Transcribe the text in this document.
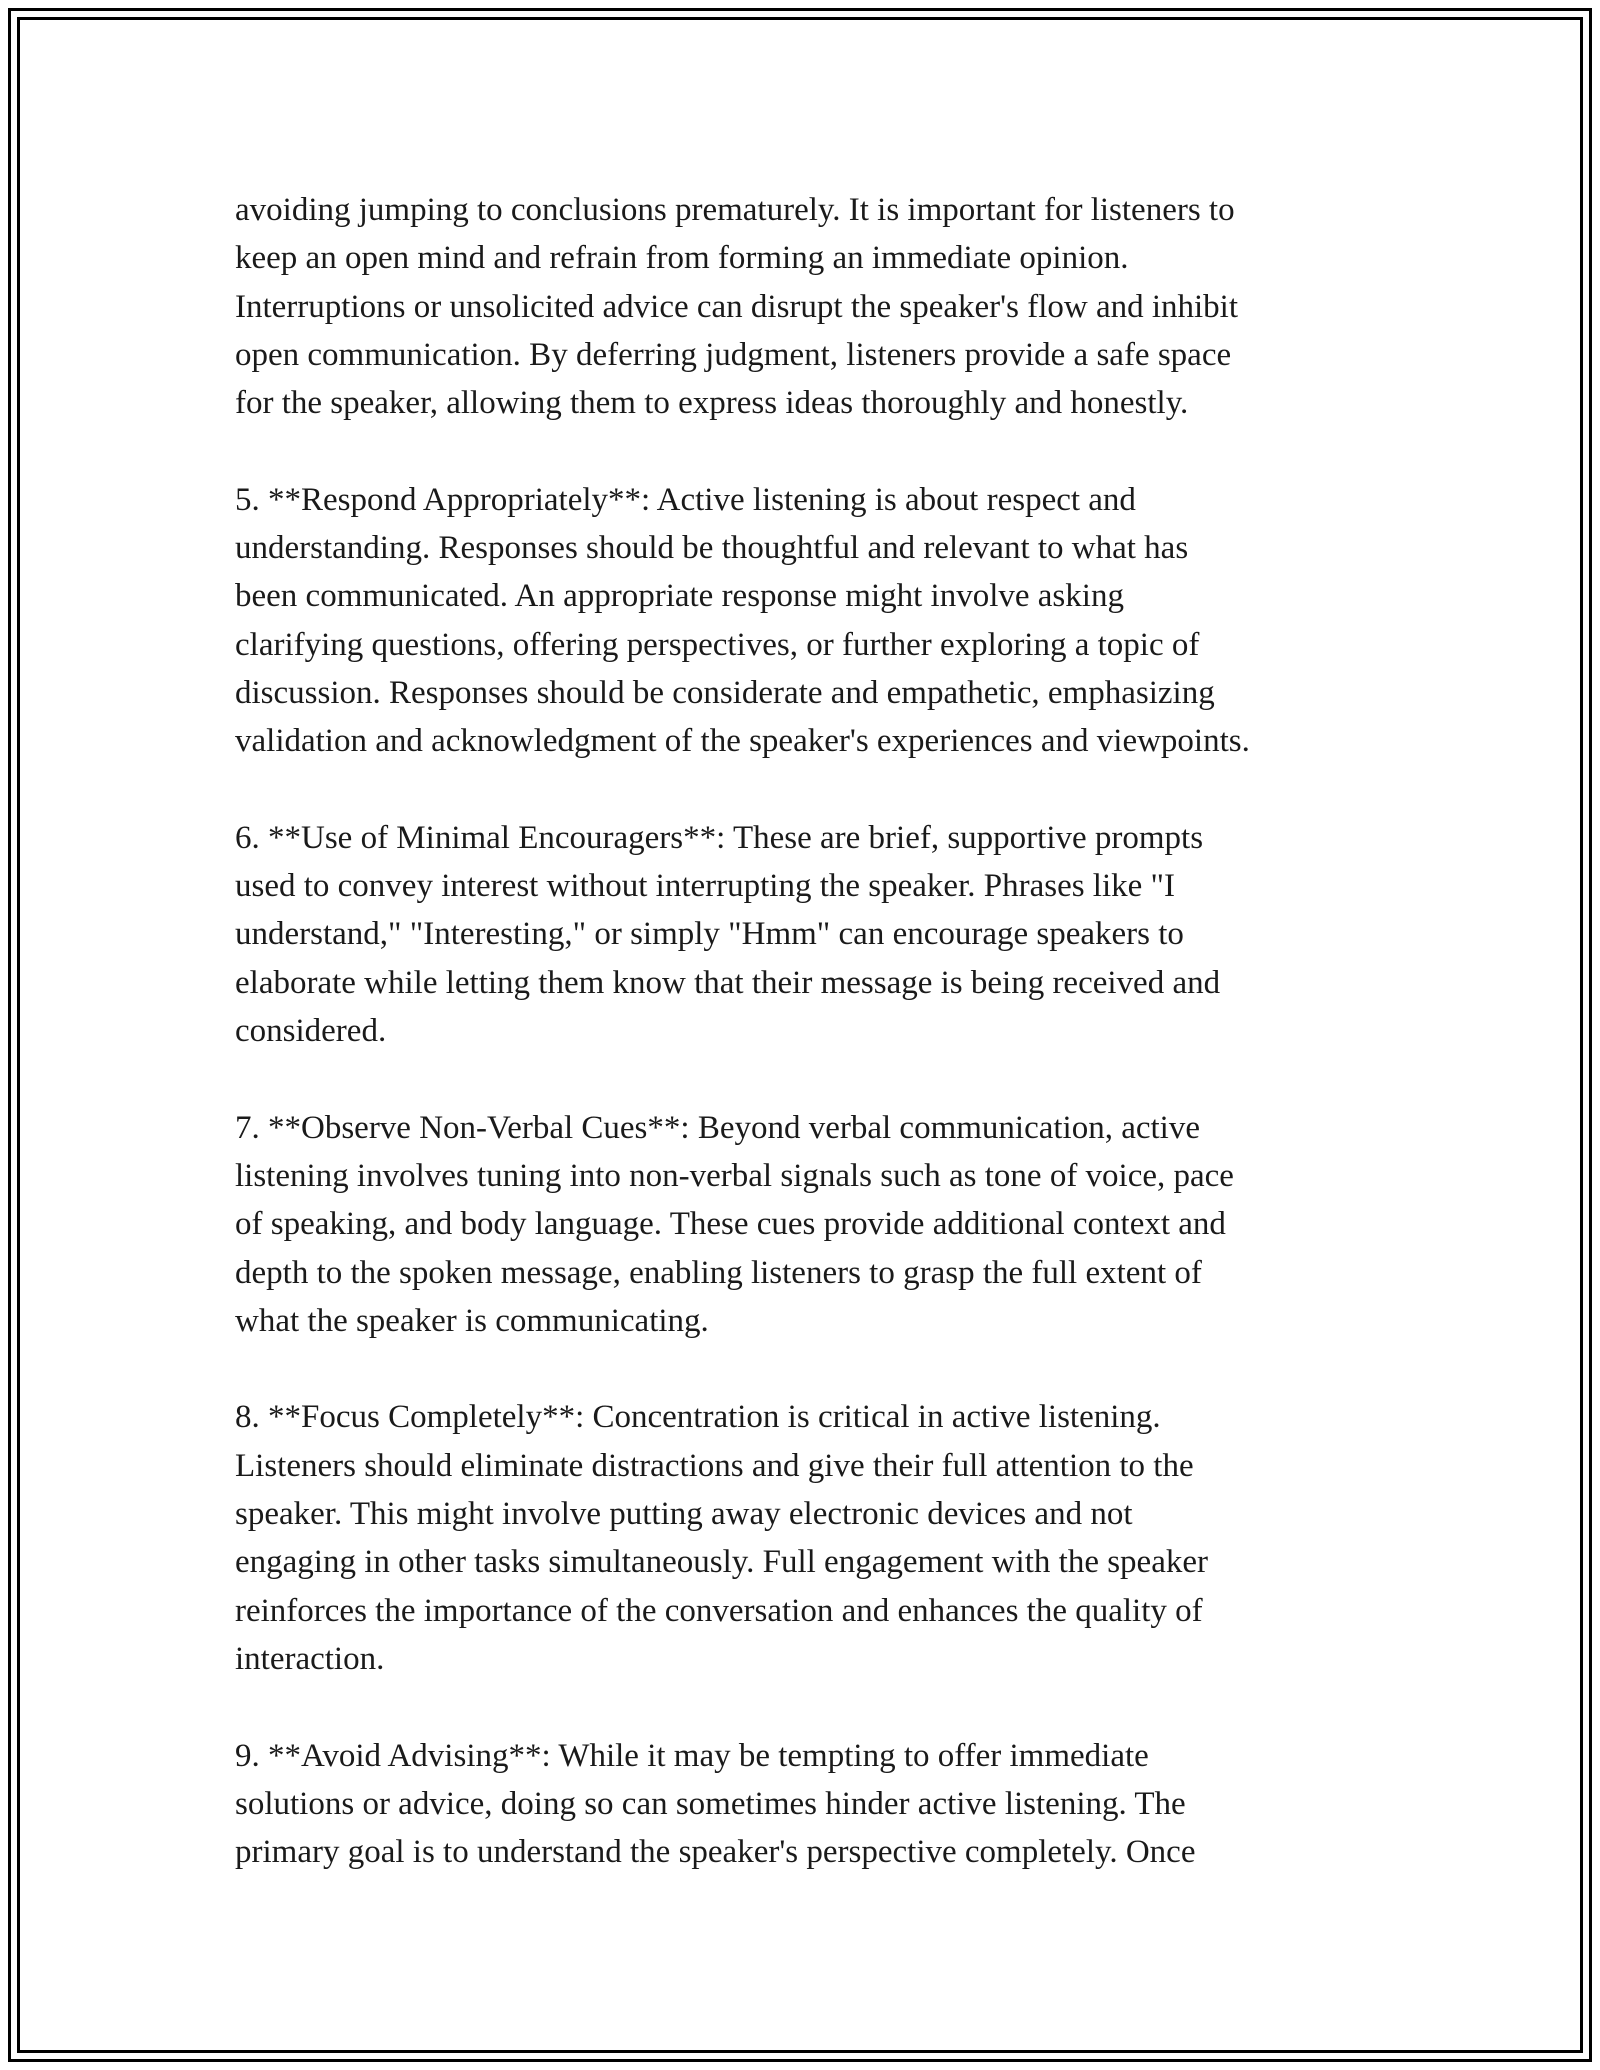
avoiding jumping to conclusions prematurely. It is important for listeners to
keep an open mind and refrain from forming an immediate opinion.
Interruptions or unsolicited advice can disrupt the speaker's flow and inhibit
open communication. By deferring judgment, listeners provide a safe space
for the speaker, allowing them to express ideas thoroughly and honestly.

5. **Respond Appropriately**: Active listening is about respect and
understanding. Responses should be thoughtful and relevant to what has
been communicated. An appropriate response might involve asking
clarifying questions, offering perspectives, or further exploring a topic of
discussion. Responses should be considerate and empathetic, emphasizing
validation and acknowledgment of the speaker's experiences and viewpoints.

6. **Use of Minimal Encouragers**: These are brief, supportive prompts
used to convey interest without interrupting the speaker. Phrases like "I
understand," "Interesting," or simply "Hmm" can encourage speakers to
elaborate while letting them know that their message is being received and
considered.

7. **Observe Non-Verbal Cues**: Beyond verbal communication, active
listening involves tuning into non-verbal signals such as tone of voice, pace
of speaking, and body language. These cues provide additional context and
depth to the spoken message, enabling listeners to grasp the full extent of
what the speaker is communicating.

8. **Focus Completely**: Concentration is critical in active listening.
Listeners should eliminate distractions and give their full attention to the
speaker. This might involve putting away electronic devices and not
engaging in other tasks simultaneously. Full engagement with the speaker
reinforces the importance of the conversation and enhances the quality of
interaction.

9. **Avoid Advising**: While it may be tempting to offer immediate
solutions or advice, doing so can sometimes hinder active listening. The
primary goal is to understand the speaker's perspective completely. Once
